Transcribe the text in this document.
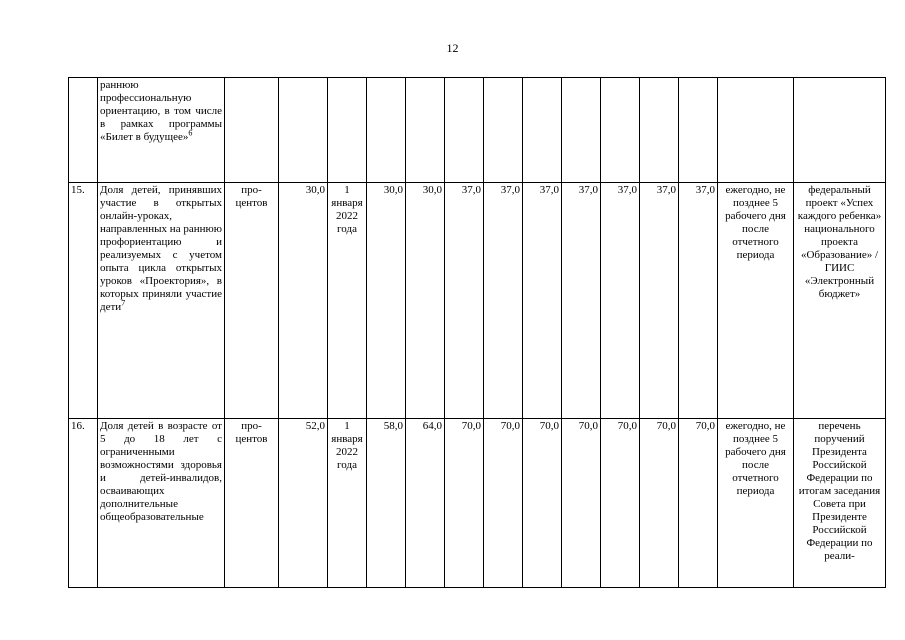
12
	раннюю профессиональную ориентацию, в том числе в рамках программы «Билет в будущее»$^6$														
15.	Доля детей, принявших участие в открытых онлайн-уроках, направленных на раннюю профориентацию и реализуемых с учетом опыта цикла открытых уроков «Проектория», в которых приняли участие дети$^7$	про- центов	30,0	1 января 2022 года	30,0	30,0	37,0	37,0	37,0	37,0	37,0	37,0	37,0	ежегодно, не позднее 5 рабочего дня после отчетного периода	федеральный проект «Успех каждого ребенка» национального проекта «Образование» / ГИИС «Электронный бюджет»
16.	Доля детей в возрасте от 5 до 18 лет с ограниченными возможностями здоровья и детей-инвалидов, осваивающих дополнительные общеобразовательные	про- центов	52,0	1 января 2022 года	58,0	64,0	70,0	70,0	70,0	70,0	70,0	70,0	70,0	ежегодно, не позднее 5 рабочего дня после отчетного периода	перечень поручений Президента Российской Федерации по итогам заседания Совета при Президенте Российской Федерации по реали-
